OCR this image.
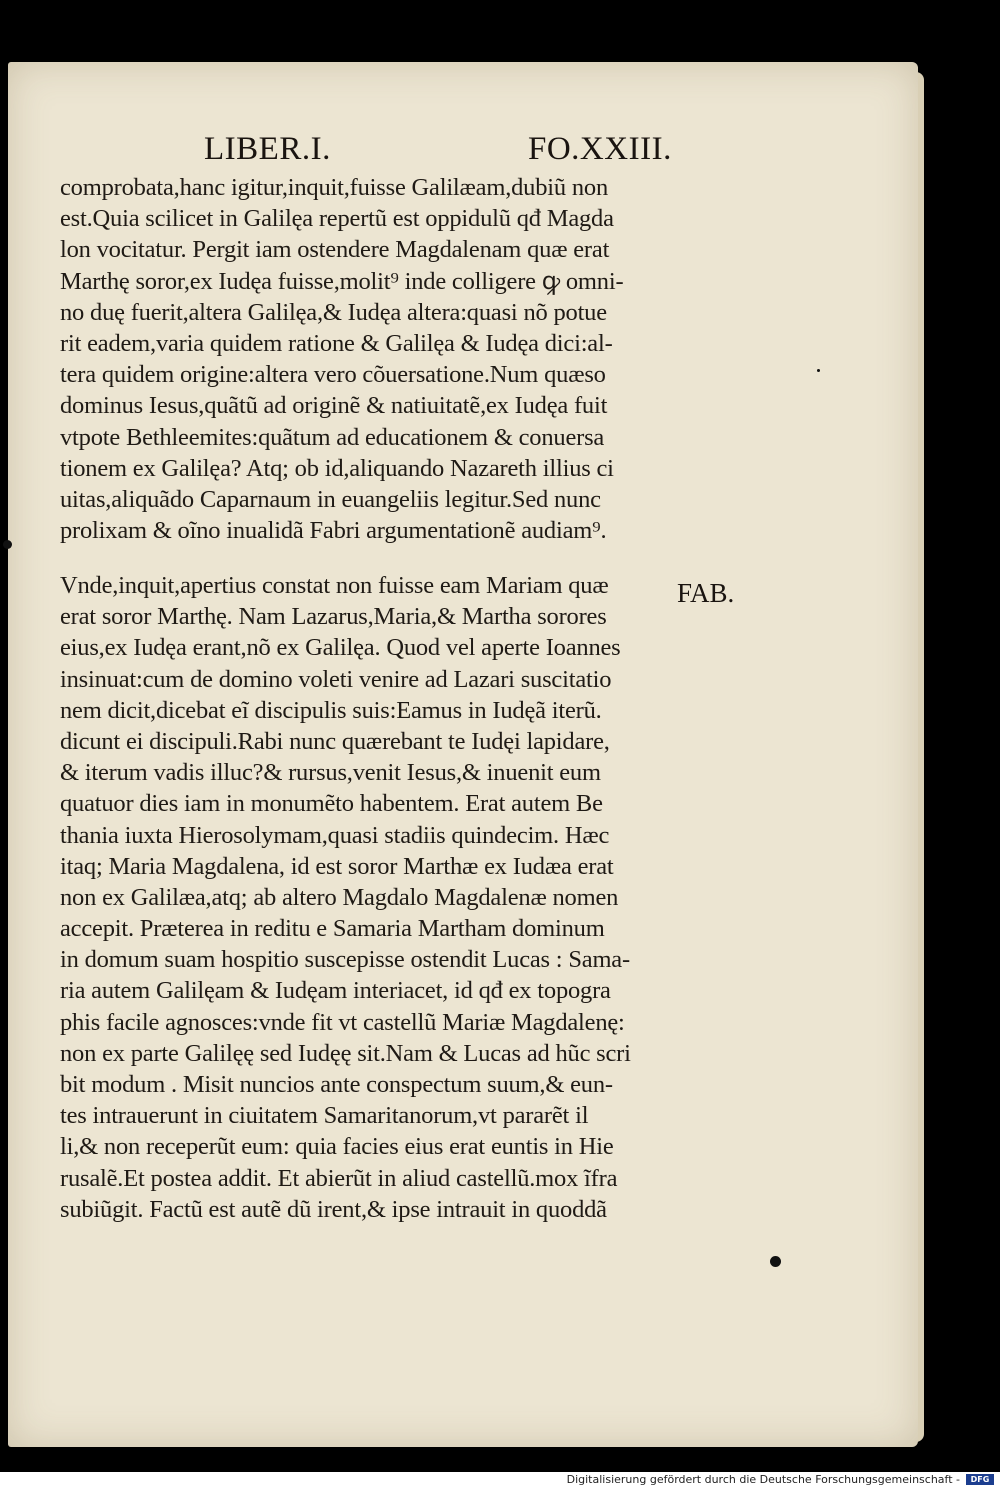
LIBER.I.	FO.XXIII.
comprobata,hanc igitur,inquit,fuisse Galilæam,dubiũ non
est.Quia scilicet in Galilęa repertũ est oppidulũ qđ Magda
lon vocitatur. Pergit iam ostendere Magdalenam quæ erat
Marthę soror,ex Iudęa fuisse,molit⁹ inde colligere ꝙ omni-
no duę fuerit,altera Galilęa,& Iudęa altera:quasi nõ potue
rit eadem,varia quidem ratione & Galilęa & Iudęa dici:al-
tera quidem origine:altera vero cõuersatione.Num quæso
dominus Iesus,quãtũ ad originẽ & natiuitatẽ,ex Iudęa fuit
vtpote Bethleemites:quãtum ad educationem & conuersa
tionem ex Galilęa? Atq; ob id,aliquando Nazareth illius ci
uitas,aliquãdo Caparnaum in euangeliis legitur.Sed nunc
prolixam & oĩno inualidã Fabri argumentationẽ audiam⁹.
FAB.
Vnde,inquit,apertius constat non fuisse eam Mariam quæ
erat soror Marthę. Nam Lazarus,Maria,& Martha sorores
eius,ex Iudęa erant,nõ ex Galilęa. Quod vel aperte Ioannes
insinuat:cum de domino voleti venire ad Lazari suscitatio
nem dicit,dicebat eĩ discipulis suis:Eamus in Iudęã iterũ.
dicunt ei discipuli.Rabi nunc quærebant te Iudęi lapidare,
& iterum vadis illuc?& rursus,venit Iesus,& inuenit eum
quatuor dies iam in monumẽto habentem. Erat autem Be
thania iuxta Hierosolymam,quasi stadiis quindecim. Hæc
itaq; Maria Magdalena, id est soror Marthæ ex Iudæa erat
non ex Galilæa,atq; ab altero Magdalo Magdalenæ nomen
accepit. Præterea in reditu e Samaria Martham dominum
in domum suam hospitio suscepisse ostendit Lucas : Sama-
ria autem Galilęam & Iudęam interiacet, id qđ ex topogra
phis facile agnosces:vnde fit vt castellũ Mariæ Magdalenę:
non ex parte Galilęę sed Iudęę sit.Nam & Lucas ad hũc scri
bit modum . Misit nuncios ante conspectum suum,& eun-
tes intrauerunt in ciuitatem Samaritanorum,vt pararẽt il
li,& non receperũt eum: quia facies eius erat euntis in Hie
rusalẽ.Et postea addit. Et abierũt in aliud castellũ.mox ĩfra
subiũgit. Factũ est autẽ dũ irent,& ipse intrauit in quoddã
Digitalisierung gefördert durch die Deutsche Forschungsgemeinschaft -	DFG
